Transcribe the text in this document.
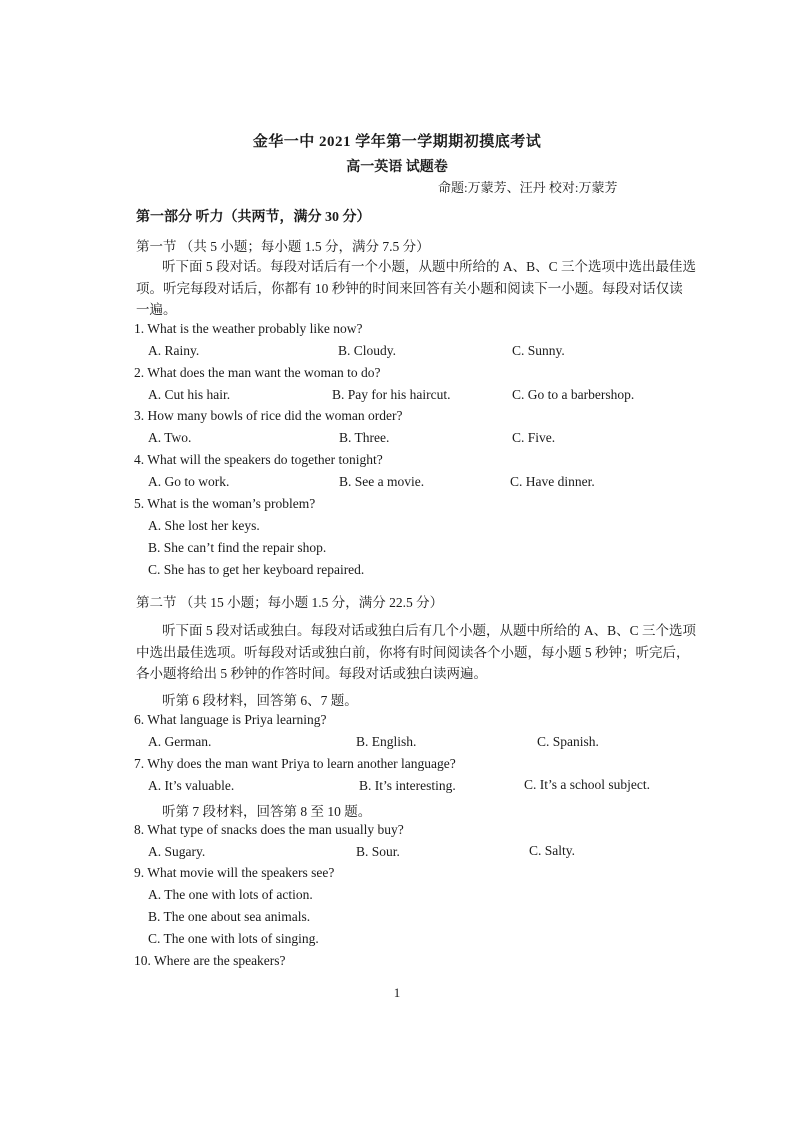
金华一中 2021 学年第一学期期初摸底考试
高一英语 试题卷
命题:万蒙芳、汪丹 校对:万蒙芳
第一部分 听力（共两节，满分 30 分）
第一节 （共 5 小题；每小题 1.5 分，满分 7.5 分）
听下面 5 段对话。每段对话后有一个小题，从题中所给的 A、B、C 三个选项中选出最佳选项。听完每段对话后，你都有 10 秒钟的时间来回答有关小题和阅读下一小题。每段对话仅读一遍。
1. What is the weather probably like now?
A. Rainy.	B. Cloudy.	C. Sunny.
2. What does the man want the woman to do?
A. Cut his hair.	B. Pay for his haircut.	C. Go to a barbershop.
3. How many bowls of rice did the woman order?
A. Two.	B. Three.	C. Five.
4. What will the speakers do together tonight?
A. Go to work.	B. See a movie.	C. Have dinner.
5. What is the woman’s problem?
A. She lost her keys.
B. She can’t find the repair shop.
C. She has to get her keyboard repaired.
第二节 （共 15 小题；每小题 1.5 分，满分 22.5 分）
听下面 5 段对话或独白。每段对话或独白后有几个小题，从题中所给的 A、B、C 三个选项中选出最佳选项。听每段对话或独白前，你将有时间阅读各个小题，每小题 5 秒钟；听完后，各小题将给出 5 秒钟的作答时间。每段对话或独白读两遍。
听第 6 段材料，回答第 6、7 题。
6. What language is Priya learning?
A. German.	B. English.	C. Spanish.
7. Why does the man want Priya to learn another language?
A. It’s valuable.	B. It’s interesting.	C. It’s a school subject.
听第 7 段材料，回答第 8 至 10 题。
8. What type of snacks does the man usually buy?
A. Sugary.	B. Sour.	C. Salty.
9. What movie will the speakers see?
A. The one with lots of action.
B. The one about sea animals.
C. The one with lots of singing.
10. Where are the speakers?
1
